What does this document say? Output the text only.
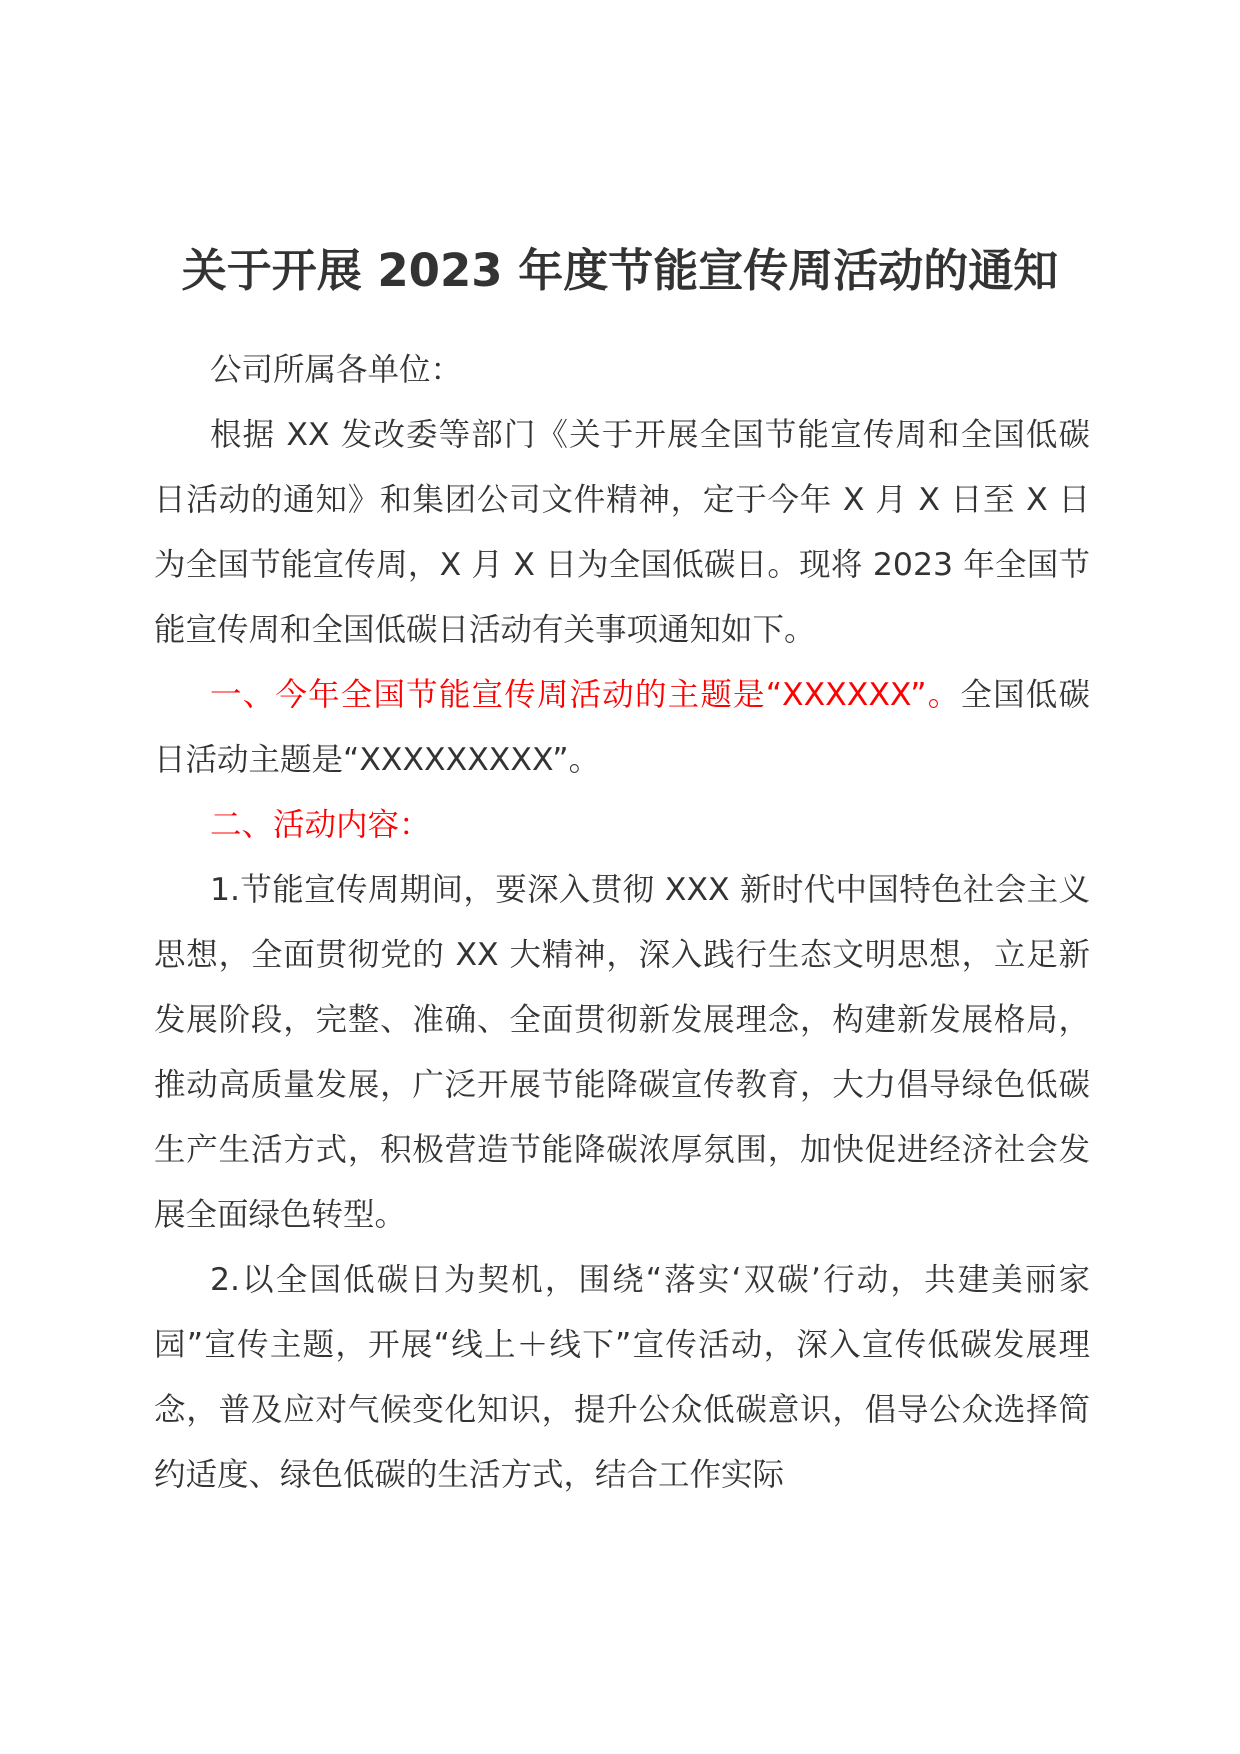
关于开展 2023 年度节能宣传周活动的通知

公司所属各单位：

根据 XX 发改委等部门《关于开展全国节能宣传周和全国低碳日活动的通知》和集团公司文件精神，定于今年 X 月 X 日至 X 日为全国节能宣传周，X 月 X 日为全国低碳日。现将 2023 年全国节能宣传周和全国低碳日活动有关事项通知如下。

一、今年全国节能宣传周活动的主题是“XXXXXX”。全国低碳日活动主题是“XXXXXXXXX”。

二、活动内容：

1.节能宣传周期间，要深入贯彻 XXX 新时代中国特色社会主义思想，全面贯彻党的 XX 大精神，深入践行生态文明思想，立足新发展阶段，完整、准确、全面贯彻新发展理念，构建新发展格局，推动高质量发展，广泛开展节能降碳宣传教育，大力倡导绿色低碳生产生活方式，积极营造节能降碳浓厚氛围，加快促进经济社会发展全面绿色转型。

2.以全国低碳日为契机，围绕“落实‘双碳’行动，共建美丽家园”宣传主题，开展“线上＋线下”宣传活动，深入宣传低碳发展理念，普及应对气候变化知识，提升公众低碳意识，倡导公众选择简约适度、绿色低碳的生活方式，结合工作实际
